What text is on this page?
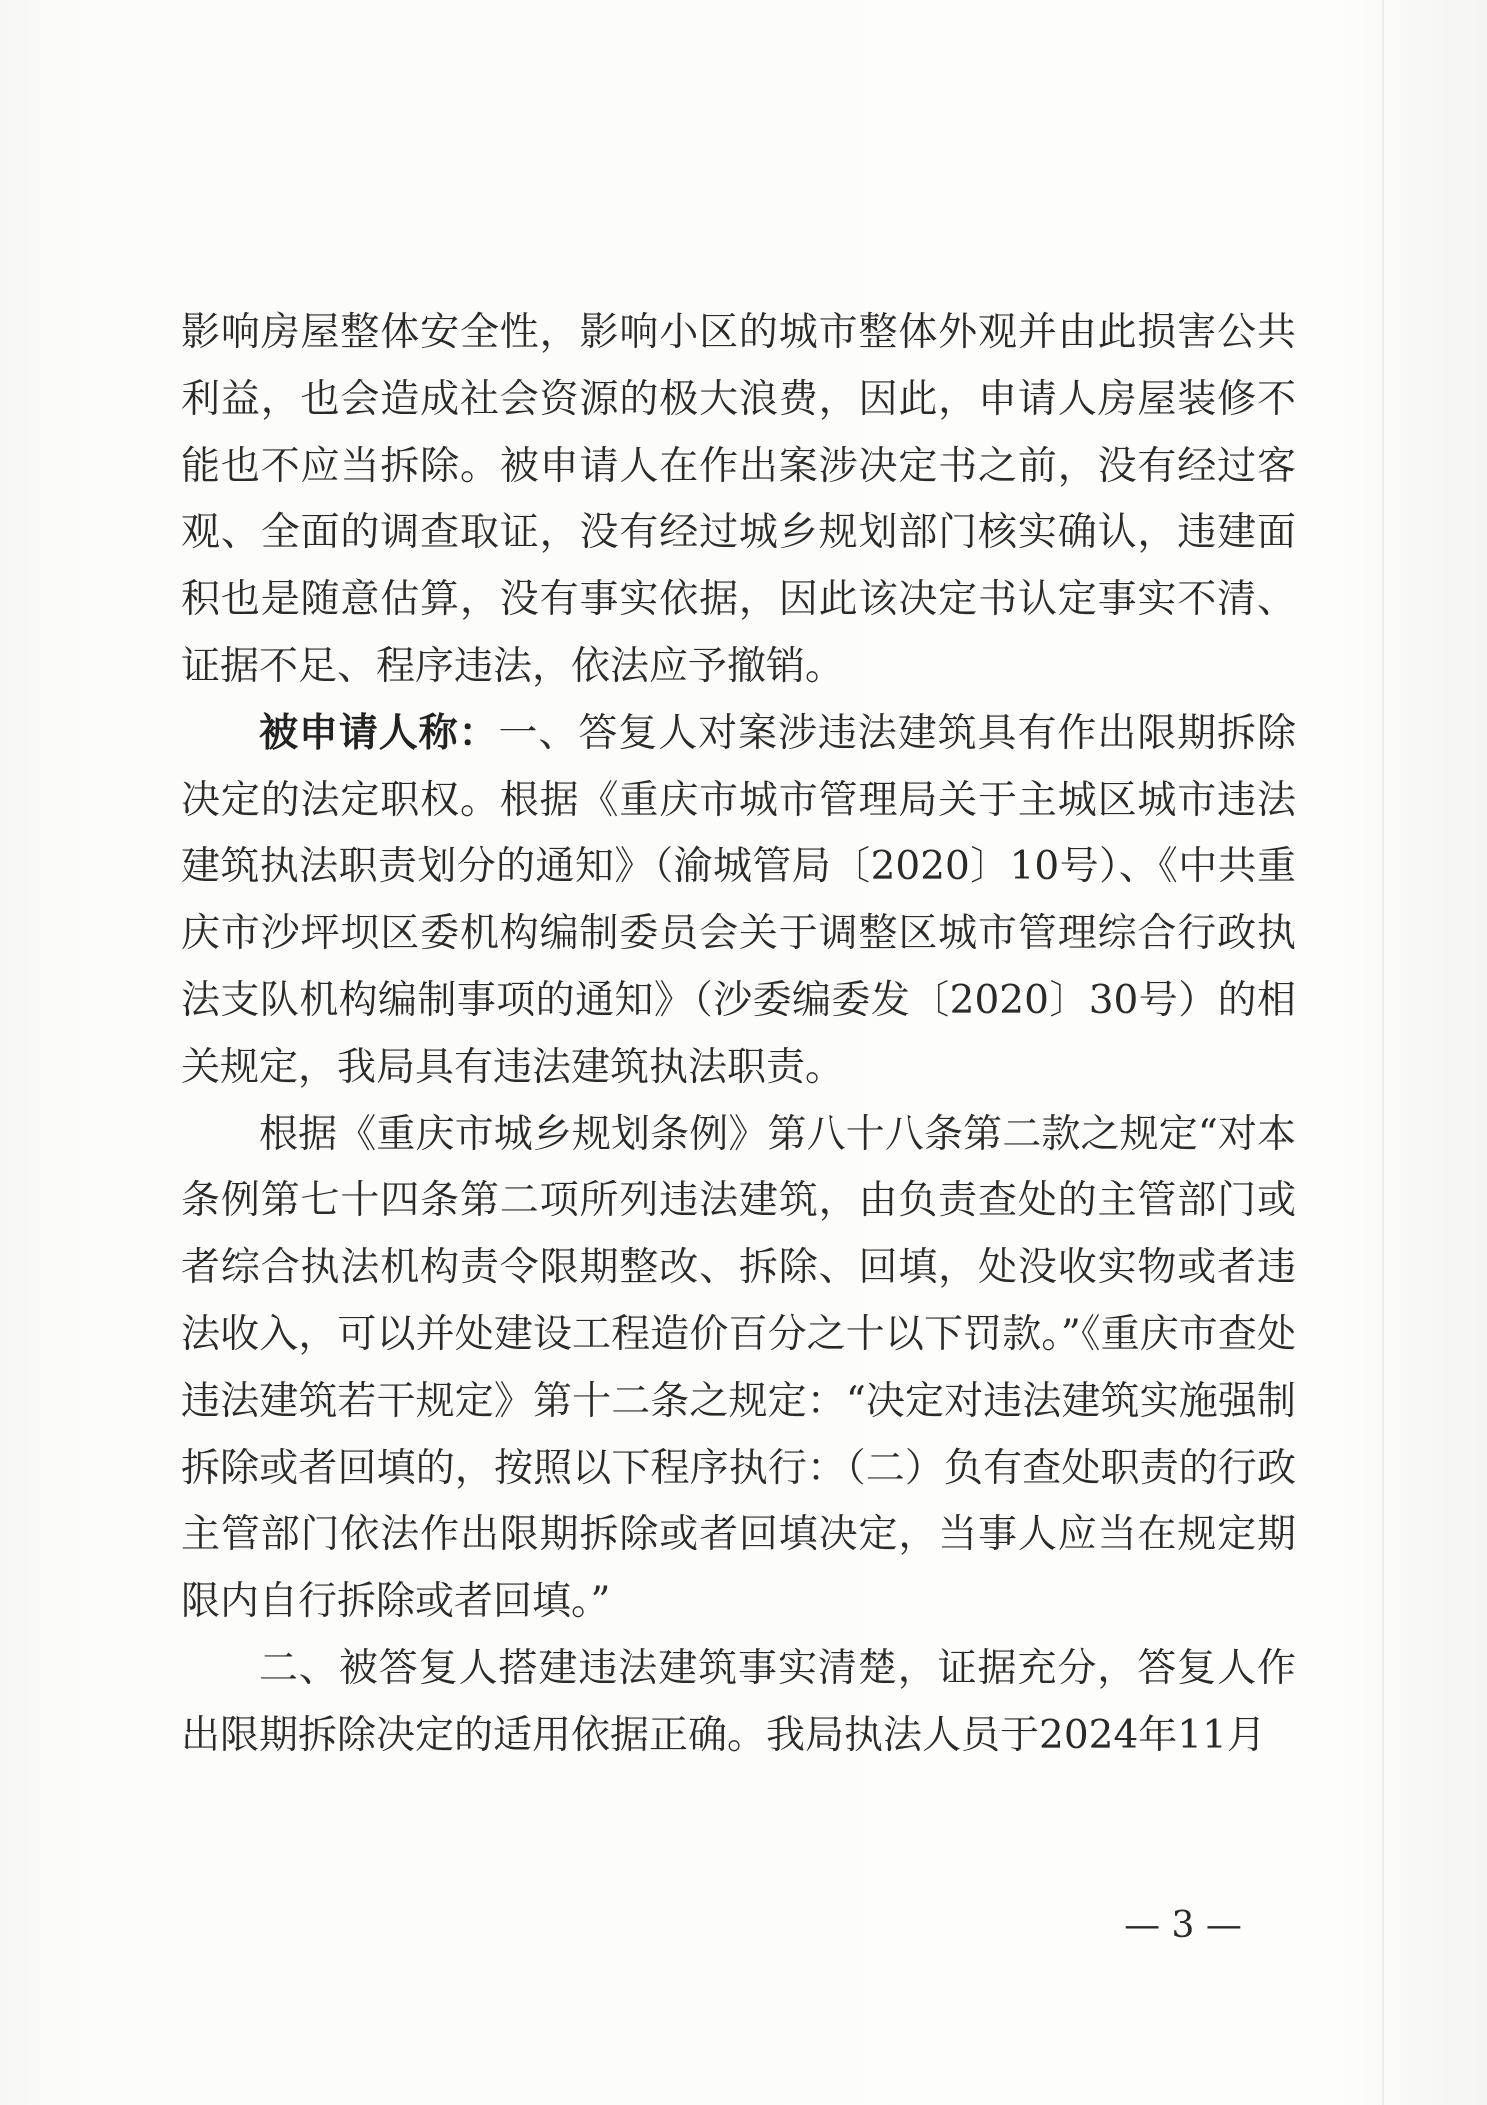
影响房屋整体安全性，影响小区的城市整体外观并由此损害公共利益，也会造成社会资源的极大浪费，因此，申请人房屋装修不能也不应当拆除。被申请人在作出案涉决定书之前，没有经过客观、全面的调查取证，没有经过城乡规划部门核实确认，违建面积也是随意估算，没有事实依据，因此该决定书认定事实不清、证据不足、程序违法，依法应予撤销。

被申请人称：一、答复人对案涉违法建筑具有作出限期拆除决定的法定职权。根据《重庆市城市管理局关于主城区城市违法建筑执法职责划分的通知》（渝城管局〔2020〕10号）、《中共重庆市沙坪坝区委机构编制委员会关于调整区城市管理综合行政执法支队机构编制事项的通知》（沙委编委发〔2020〕30号）的相关规定，我局具有违法建筑执法职责。

根据《重庆市城乡规划条例》第八十八条第二款之规定“对本条例第七十四条第二项所列违法建筑，由负责查处的主管部门或者综合执法机构责令限期整改、拆除、回填，处没收实物或者违法收入，可以并处建设工程造价百分之十以下罚款。”《重庆市查处违法建筑若干规定》第十二条之规定：“决定对违法建筑实施强制拆除或者回填的，按照以下程序执行：（二）负有查处职责的行政主管部门依法作出限期拆除或者回填决定，当事人应当在规定期限内自行拆除或者回填。”

二、被答复人搭建违法建筑事实清楚，证据充分，答复人作出限期拆除决定的适用依据正确。我局执法人员于2024年11月

— 3 —
